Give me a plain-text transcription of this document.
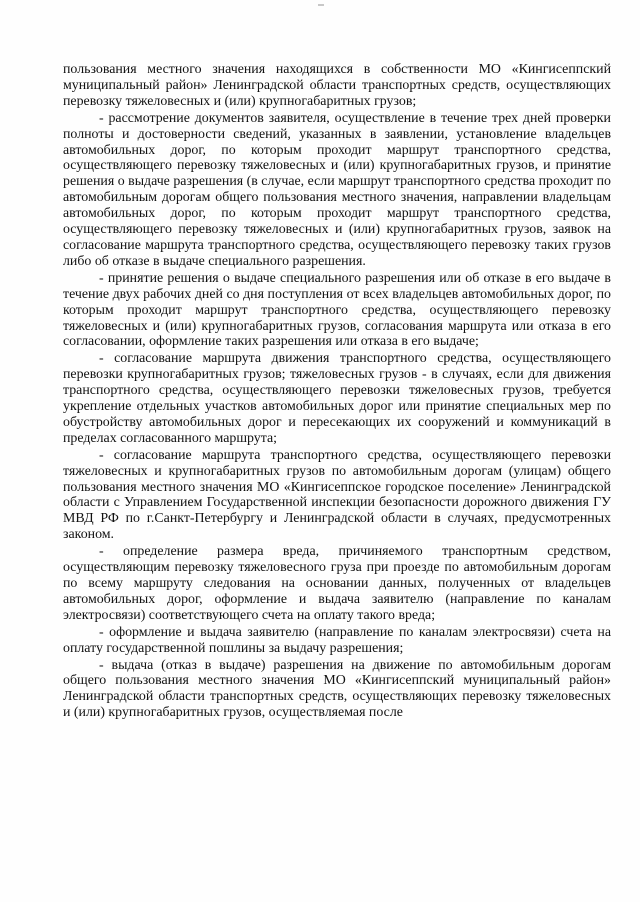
пользования местного значения находящихся в собственности МО «Кингисеппский муниципальный район» Ленинградской области транспортных средств, осуществляющих перевозку тяжеловесных и (или) крупногабаритных грузов;

- рассмотрение документов заявителя, осуществление в течение трех дней проверки полноты и достоверности сведений, указанных в заявлении, установление владельцев автомобильных дорог, по которым проходит маршрут транспортного средства, осуществляющего перевозку тяжеловесных и (или) крупногабаритных грузов, и принятие решения о выдаче разрешения (в случае, если маршрут транспортного средства проходит по автомобильным дорогам общего пользования местного значения, направлении владельцам автомобильных дорог, по которым проходит маршрут транспортного средства, осуществляющего перевозку тяжеловесных и (или) крупногабаритных грузов, заявок на согласование маршрута транспортного средства, осуществляющего перевозку таких грузов либо об отказе в выдаче специального разрешения.

- принятие решения о выдаче специального разрешения или об отказе в его выдаче в течение двух рабочих дней со дня поступления от всех владельцев автомобильных дорог, по которым проходит маршрут транспортного средства, осуществляющего перевозку тяжеловесных и (или) крупногабаритных грузов, согласования маршрута или отказа в его согласовании, оформление таких разрешения или отказа в его выдаче;

- согласование маршрута движения транспортного средства, осуществляющего перевозки крупногабаритных грузов; тяжеловесных грузов - в случаях, если для движения транспортного средства, осуществляющего перевозки тяжеловесных грузов, требуется укрепление отдельных участков автомобильных дорог или принятие специальных мер по обустройству автомобильных дорог и пересекающих их сооружений и коммуникаций в пределах согласованного маршрута;

- согласование маршрута транспортного средства, осуществляющего перевозки тяжеловесных и крупногабаритных грузов по автомобильным дорогам (улицам) общего пользования местного значения МО «Кингисеппское городское поселение» Ленинградской области с Управлением Государственной инспекции безопасности дорожного движения ГУ МВД РФ по г.Санкт-Петербургу и Ленинградской области в случаях, предусмотренных законом.

- определение размера вреда, причиняемого транспортным средством, осуществляющим перевозку тяжеловесного груза при проезде по автомобильным дорогам по всему маршруту следования на основании данных, полученных от владельцев автомобильных дорог, оформление и выдача заявителю (направление по каналам электросвязи) соответствующего счета на оплату такого вреда;

- оформление и выдача заявителю (направление по каналам электросвязи) счета на оплату государственной пошлины за выдачу разрешения;

- выдача (отказ в выдаче) разрешения на движение по автомобильным дорогам общего пользования местного значения МО «Кингисеппский муниципальный район» Ленинградской области транспортных средств, осуществляющих перевозку тяжеловесных и (или) крупногабаритных грузов, осуществляемая после
